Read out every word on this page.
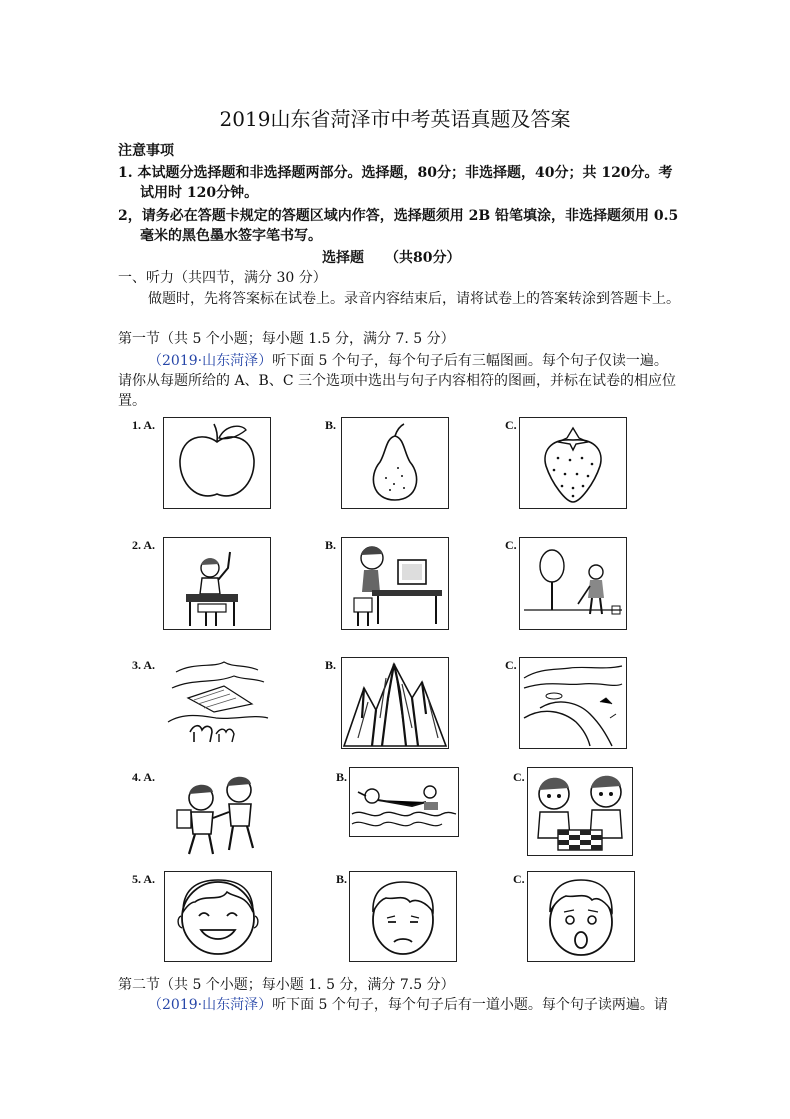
2019山东省菏泽市中考英语真题及答案
注意事项
1. 本试题分选择题和非选择题两部分。选择题，80分；非选择题，40分；共 120分。考
试用时 120分钟。
2，请务必在答题卡规定的答题区域内作答，选择题须用 2B 铅笔填涂，非选择题须用 0.5
毫米的黑色墨水签字笔书写。
选择题　　（共80分）
一、听力（共四节，满分 30 分）
做题时，先将答案标在试卷上。录音内容结束后，请将试卷上的答案转涂到答题卡上。
第一节（共 5 个小题；每小题 1.5 分，满分 7. 5 分）
（2019·山东菏泽）听下面 5 个句子，每个句子后有三幅图画。每个句子仅读一遍。
请你从每题所给的 A、B、C 三个选项中选出与句子内容相符的图画，并标在试卷的相应位
置。
1. A.	B.	C.
2. A.	B.	C.
3. A.	B.	C.
4. A.	B.	C.
5. A.	B.	C.
第二节（共 5 个小题；每小题 1. 5 分，满分 7.5 分）
（2019·山东菏泽）听下面 5 个句子，每个句子后有一道小题。每个句子读两遍。请
